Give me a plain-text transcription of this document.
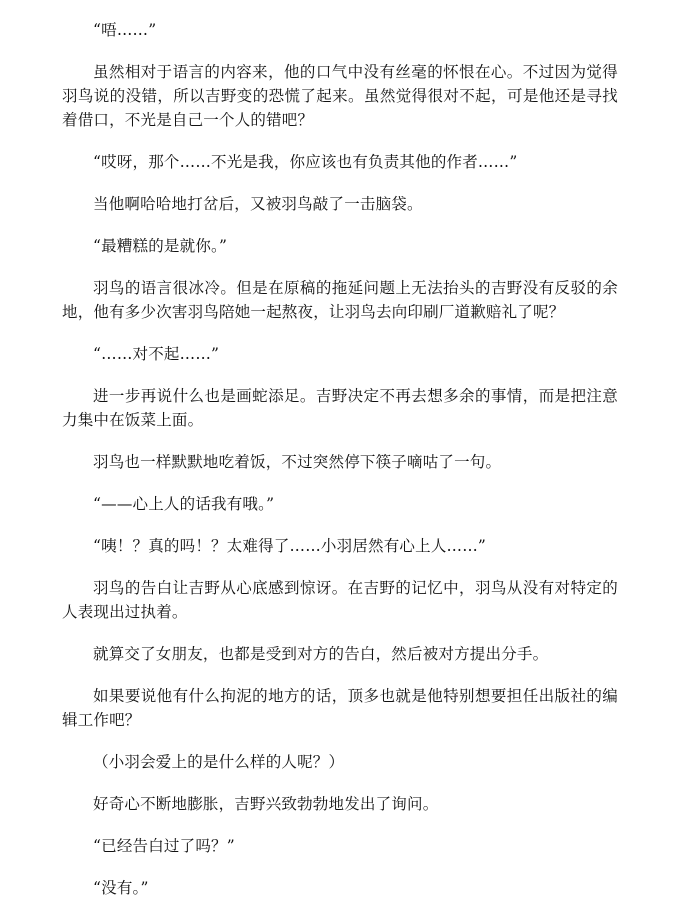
“唔……”

虽然相对于语言的内容来，他的口气中没有丝毫的怀恨在心。不过因为觉得羽鸟说的没错，所以吉野变的恐慌了起来。虽然觉得很对不起，可是他还是寻找着借口，不光是自己一个人的错吧？

“哎呀，那个……不光是我，你应该也有负责其他的作者……”

当他啊哈哈地打岔后，又被羽鸟敲了一击脑袋。

“最糟糕的是就你。”

羽鸟的语言很冰冷。但是在原稿的拖延问题上无法抬头的吉野没有反驳的余地，他有多少次害羽鸟陪她一起熬夜，让羽鸟去向印刷厂道歉赔礼了呢？

“……对不起……”

进一步再说什么也是画蛇添足。吉野决定不再去想多余的事情，而是把注意力集中在饭菜上面。

羽鸟也一样默默地吃着饭，不过突然停下筷子嘀咕了一句。

“——心上人的话我有哦。”

“咦！？真的吗！？太难得了……小羽居然有心上人……”

羽鸟的告白让吉野从心底感到惊讶。在吉野的记忆中，羽鸟从没有对特定的人表现出过执着。

就算交了女朋友，也都是受到对方的告白，然后被对方提出分手。

如果要说他有什么拘泥的地方的话，顶多也就是他特别想要担任出版社的编辑工作吧？

（小羽会爱上的是什么样的人呢？）

好奇心不断地膨胀，吉野兴致勃勃地发出了询问。

“已经告白过了吗？”

“没有。”
